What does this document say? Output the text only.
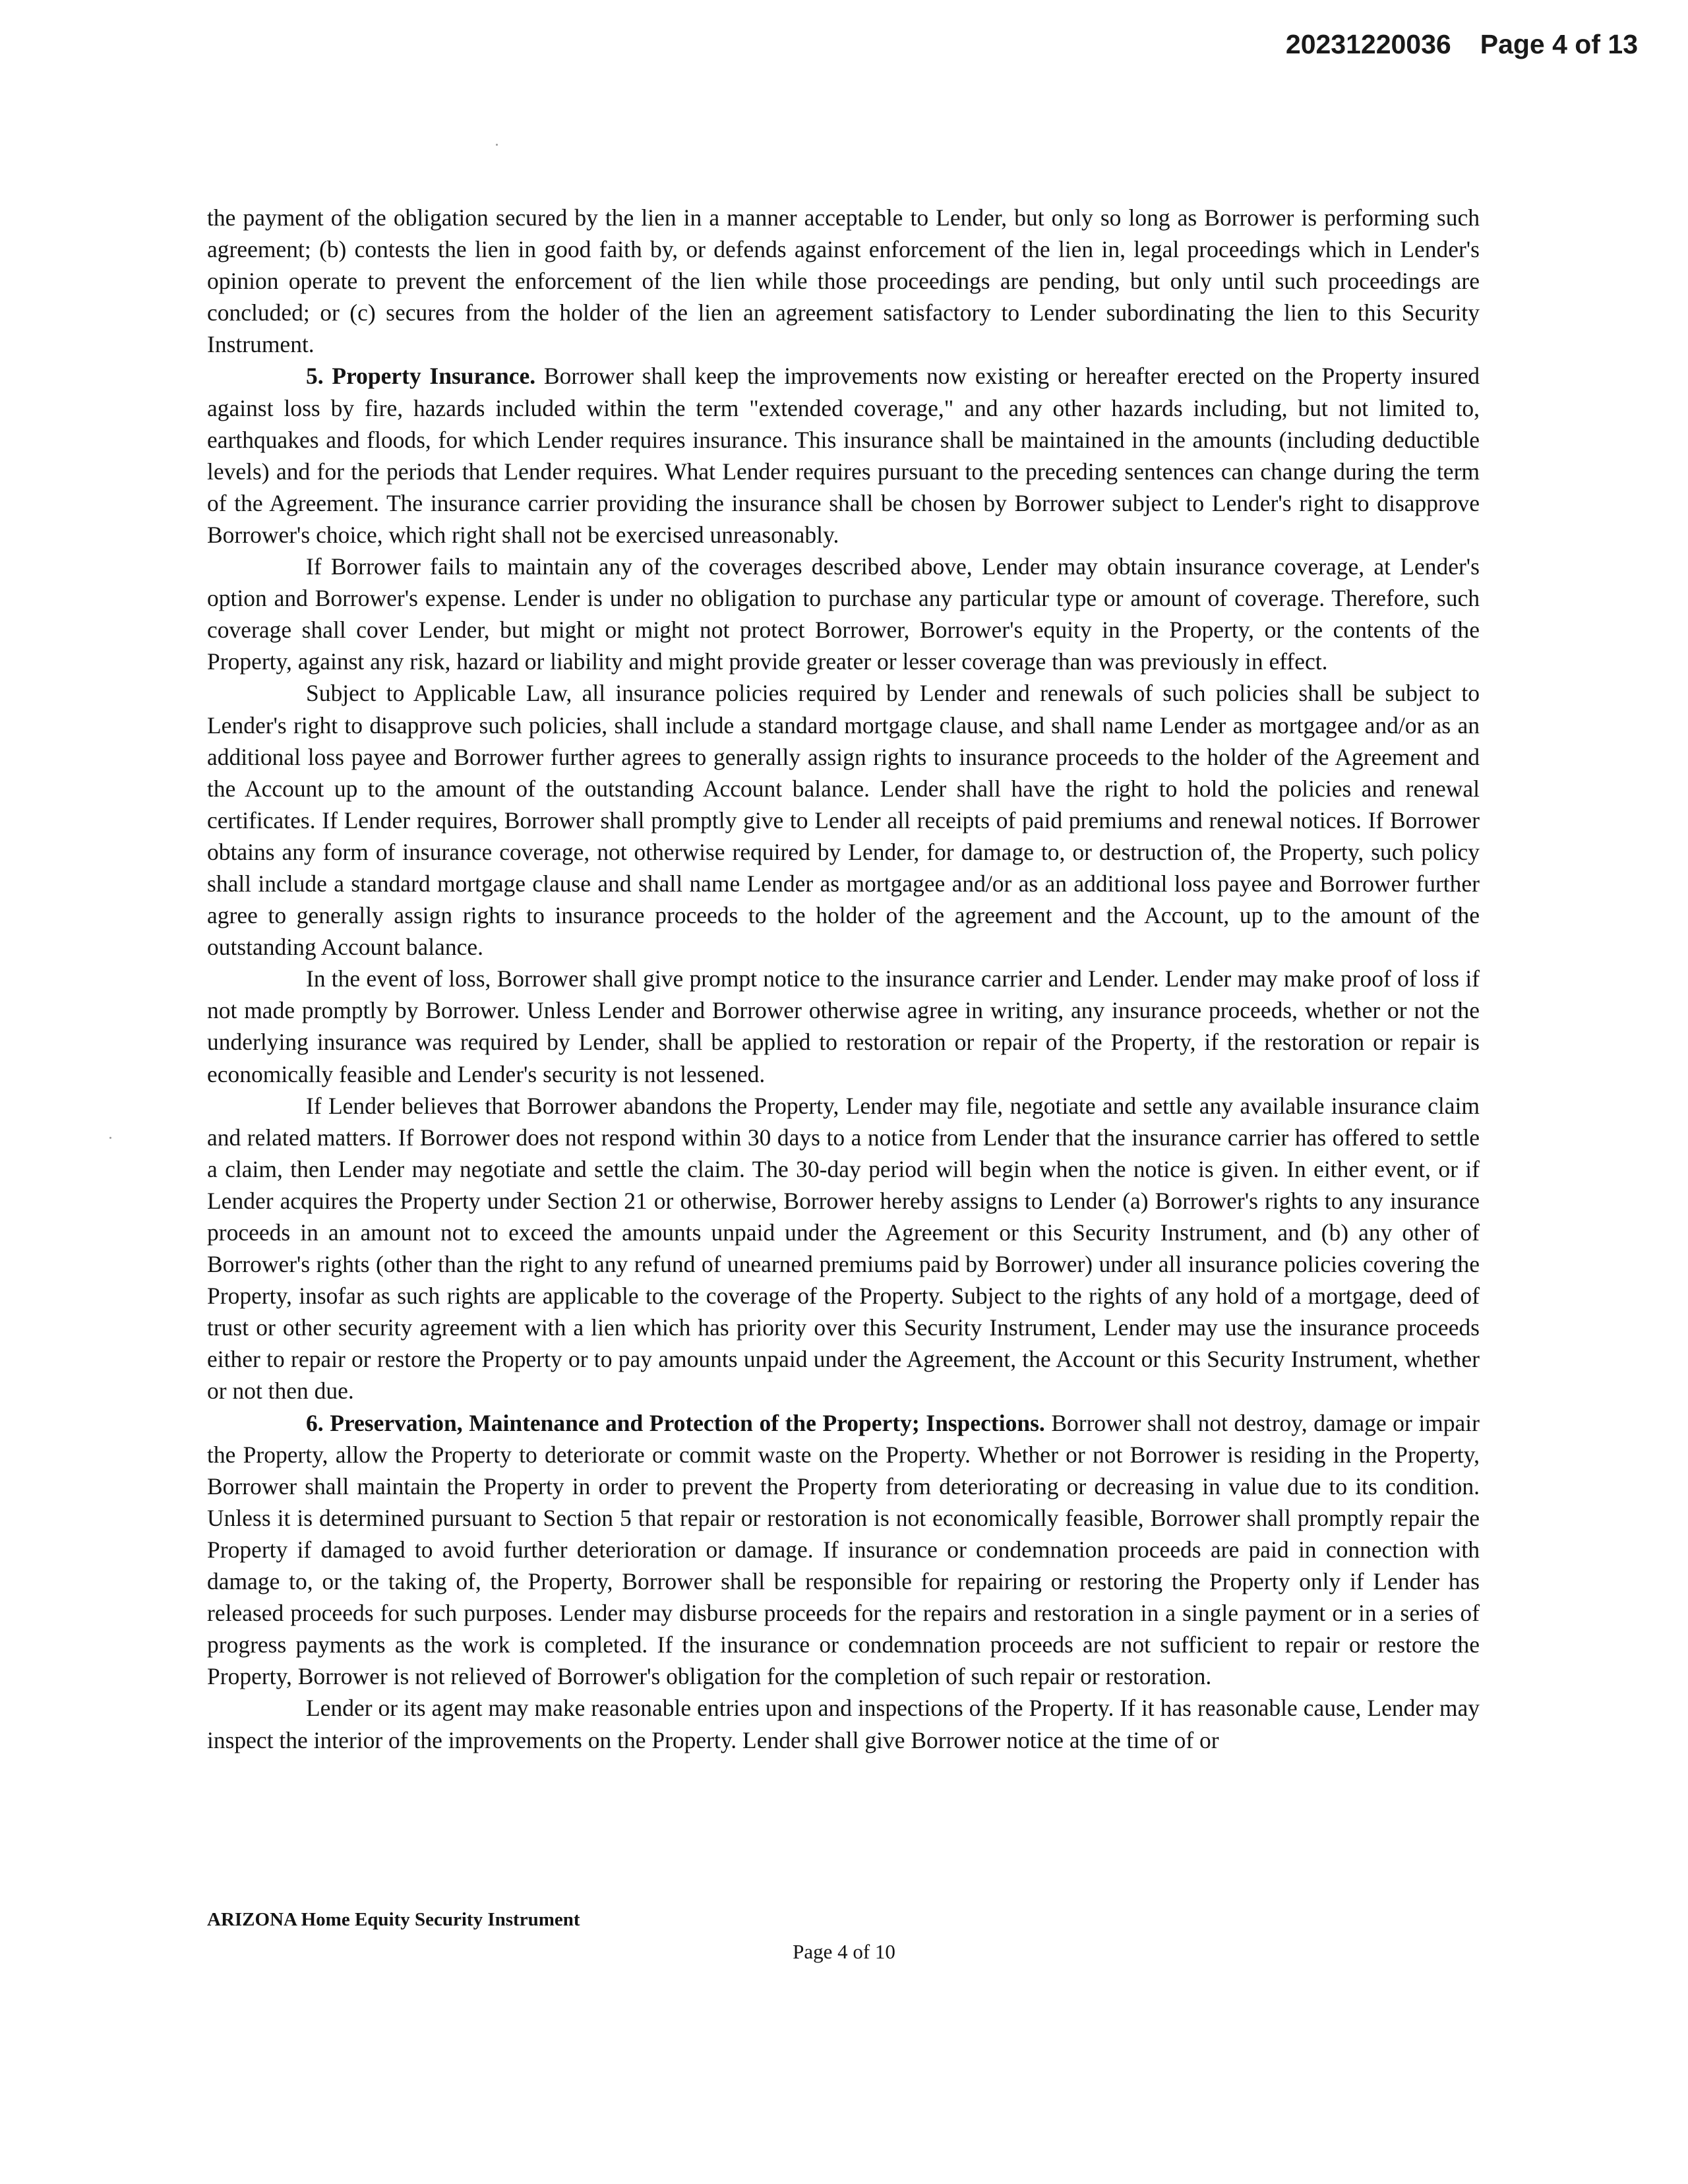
20231220036 Page 4 of 13

the payment of the obligation secured by the lien in a manner acceptable to Lender, but only so long as Borrower is performing such agreement; (b) contests the lien in good faith by, or defends against enforcement of the lien in, legal proceedings which in Lender's opinion operate to prevent the enforcement of the lien while those proceedings are pending, but only until such proceedings are concluded; or (c) secures from the holder of the lien an agreement satisfactory to Lender subordinating the lien to this Security Instrument.

5. Property Insurance. Borrower shall keep the improvements now existing or hereafter erected on the Property insured against loss by fire, hazards included within the term "extended coverage," and any other hazards including, but not limited to, earthquakes and floods, for which Lender requires insurance. This insurance shall be maintained in the amounts (including deductible levels) and for the periods that Lender requires. What Lender requires pursuant to the preceding sentences can change during the term of the Agreement. The insurance carrier providing the insurance shall be chosen by Borrower subject to Lender's right to disapprove Borrower's choice, which right shall not be exercised unreasonably.

If Borrower fails to maintain any of the coverages described above, Lender may obtain insurance coverage, at Lender's option and Borrower's expense. Lender is under no obligation to purchase any particular type or amount of coverage. Therefore, such coverage shall cover Lender, but might or might not protect Borrower, Borrower's equity in the Property, or the contents of the Property, against any risk, hazard or liability and might provide greater or lesser coverage than was previously in effect.

Subject to Applicable Law, all insurance policies required by Lender and renewals of such policies shall be subject to Lender's right to disapprove such policies, shall include a standard mortgage clause, and shall name Lender as mortgagee and/or as an additional loss payee and Borrower further agrees to generally assign rights to insurance proceeds to the holder of the Agreement and the Account up to the amount of the outstanding Account balance. Lender shall have the right to hold the policies and renewal certificates. If Lender requires, Borrower shall promptly give to Lender all receipts of paid premiums and renewal notices. If Borrower obtains any form of insurance coverage, not otherwise required by Lender, for damage to, or destruction of, the Property, such policy shall include a standard mortgage clause and shall name Lender as mortgagee and/or as an additional loss payee and Borrower further agree to generally assign rights to insurance proceeds to the holder of the agreement and the Account, up to the amount of the outstanding Account balance.

In the event of loss, Borrower shall give prompt notice to the insurance carrier and Lender. Lender may make proof of loss if not made promptly by Borrower. Unless Lender and Borrower otherwise agree in writing, any insurance proceeds, whether or not the underlying insurance was required by Lender, shall be applied to restoration or repair of the Property, if the restoration or repair is economically feasible and Lender's security is not lessened.

If Lender believes that Borrower abandons the Property, Lender may file, negotiate and settle any available insurance claim and related matters. If Borrower does not respond within 30 days to a notice from Lender that the insurance carrier has offered to settle a claim, then Lender may negotiate and settle the claim. The 30-day period will begin when the notice is given. In either event, or if Lender acquires the Property under Section 21 or otherwise, Borrower hereby assigns to Lender (a) Borrower's rights to any insurance proceeds in an amount not to exceed the amounts unpaid under the Agreement or this Security Instrument, and (b) any other of Borrower's rights (other than the right to any refund of unearned premiums paid by Borrower) under all insurance policies covering the Property, insofar as such rights are applicable to the coverage of the Property. Subject to the rights of any hold of a mortgage, deed of trust or other security agreement with a lien which has priority over this Security Instrument, Lender may use the insurance proceeds either to repair or restore the Property or to pay amounts unpaid under the Agreement, the Account or this Security Instrument, whether or not then due.

6. Preservation, Maintenance and Protection of the Property; Inspections. Borrower shall not destroy, damage or impair the Property, allow the Property to deteriorate or commit waste on the Property. Whether or not Borrower is residing in the Property, Borrower shall maintain the Property in order to prevent the Property from deteriorating or decreasing in value due to its condition. Unless it is determined pursuant to Section 5 that repair or restoration is not economically feasible, Borrower shall promptly repair the Property if damaged to avoid further deterioration or damage. If insurance or condemnation proceeds are paid in connection with damage to, or the taking of, the Property, Borrower shall be responsible for repairing or restoring the Property only if Lender has released proceeds for such purposes. Lender may disburse proceeds for the repairs and restoration in a single payment or in a series of progress payments as the work is completed. If the insurance or condemnation proceeds are not sufficient to repair or restore the Property, Borrower is not relieved of Borrower's obligation for the completion of such repair or restoration.

Lender or its agent may make reasonable entries upon and inspections of the Property. If it has reasonable cause, Lender may inspect the interior of the improvements on the Property. Lender shall give Borrower notice at the time of or

ARIZONA Home Equity Security Instrument
Page 4 of 10
